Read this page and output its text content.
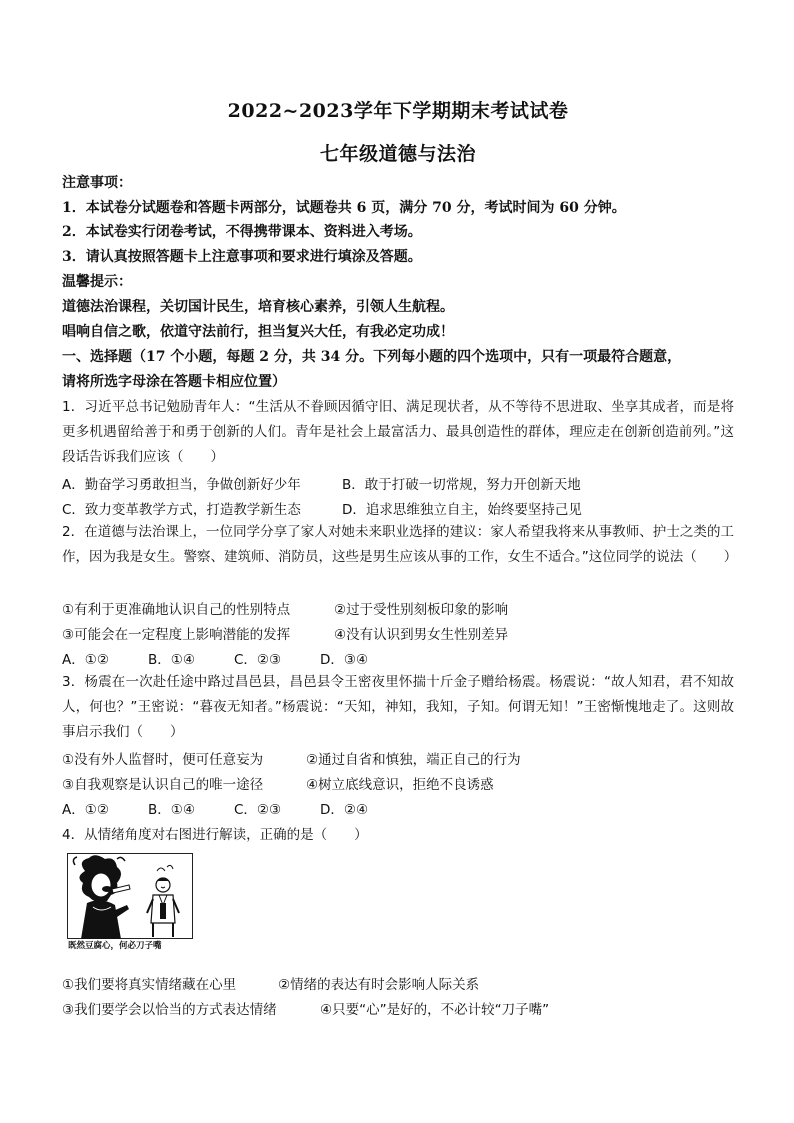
2022~2023学年下学期期末考试试卷
七年级道德与法治
注意事项：
1．本试卷分试题卷和答题卡两部分，试题卷共 6 页，满分 70 分，考试时间为 60 分钟。
2．本试卷实行闭卷考试，不得携带课本、资料进入考场。
3．请认真按照答题卡上注意事项和要求进行填涂及答题。
温馨提示：
道德法治课程，关切国计民生，培育核心素养，引领人生航程。
唱响自信之歌，依道守法前行，担当复兴大任，有我必定功成！
一、选择题（17 个小题，每题 2 分，共 34 分。下列每小题的四个选项中，只有一项最符合题意，
请将所选字母涂在答题卡相应位置）
1．习近平总书记勉励青年人：“生活从不眷顾因循守旧、满足现状者，从不等待不思进取、坐享其成者，而是将更多机遇留给善于和勇于创新的人们。青年是社会上最富活力、最具创造性的群体，理应走在创新创造前列。”这段话告诉我们应该（　　）
A．勤奋学习勇敢担当，争做创新好少年	B．敢于打破一切常规，努力开创新天地
C．致力变革教学方式，打造教学新生态	D．追求思维独立自主，始终要坚持己见
2．在道德与法治课上，一位同学分享了家人对她未来职业选择的建议：家人希望我将来从事教师、护士之类的工作，因为我是女生。警察、建筑师、消防员，这些是男生应该从事的工作，女生不适合。”这位同学的说法（　　）
①有利于更准确地认识自己的性别特点	②过于受性别刻板印象的影响
③可能会在一定程度上影响潜能的发挥	④没有认识到男女生性别差异
A．①②	B．①④	C．②③	D．③④
3．杨震在一次赴任途中路过昌邑县，昌邑县令王密夜里怀揣十斤金子赠给杨震。杨震说：“故人知君，君不知故人，何也？”王密说：“暮夜无知者。”杨震说：“天知，神知，我知，子知。何谓无知！”王密惭愧地走了。这则故事启示我们（　　）
①没有外人监督时，便可任意妄为	②通过自省和慎独，端正自己的行为
③自我观察是认识自己的唯一途径	④树立底线意识，拒绝不良诱惑
A．①②	B．①④	C．②③	D．②④
4．从情绪角度对右图进行解读，正确的是（　　）
既然豆腐心，何必刀子嘴
①我们要将真实情绪藏在心里	②情绪的表达有时会影响人际关系
③我们要学会以恰当的方式表达情绪	④只要“心”是好的，不必计较“刀子嘴”
